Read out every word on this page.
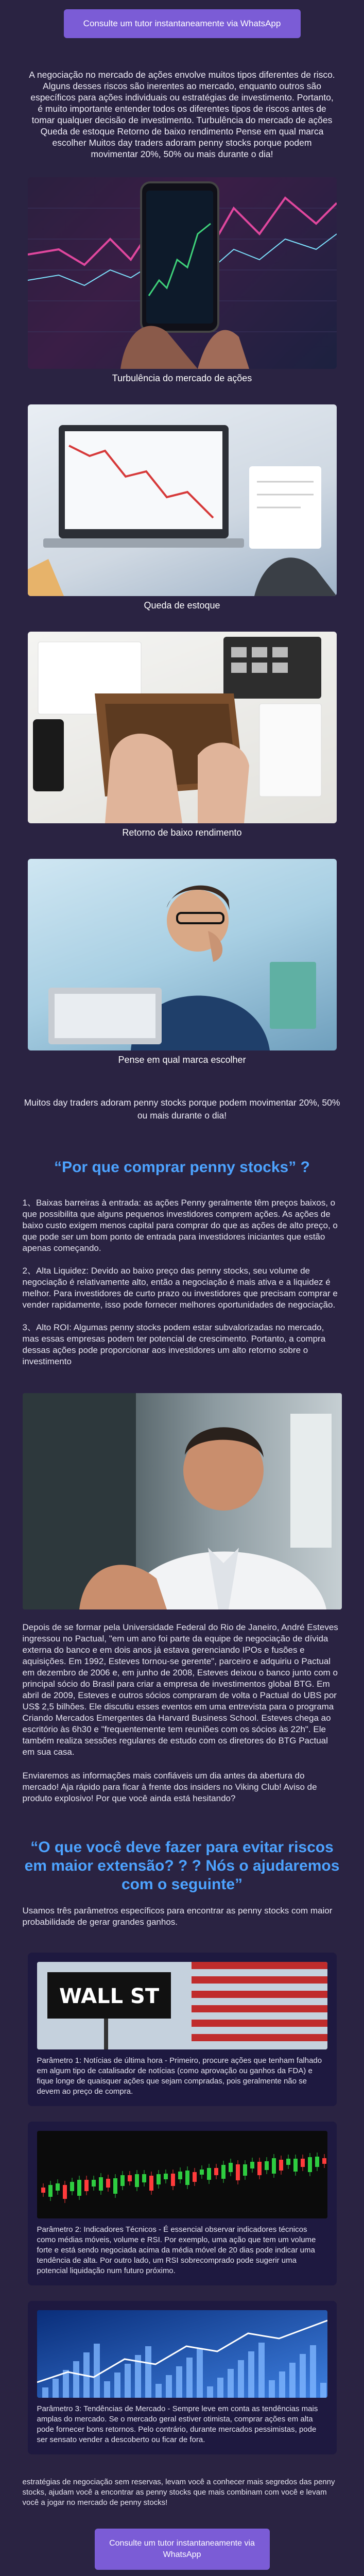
Consulte um tutor instantaneamente via WhatsApp

A negociação no mercado de ações envolve muitos tipos diferentes de risco. Alguns desses riscos são inerentes ao mercado, enquanto outros são específicos para ações individuais ou estratégias de investimento. Portanto, é muito importante entender todos os diferentes tipos de riscos antes de tomar qualquer decisão de investimento. Turbulência do mercado de ações Queda de estoque Retorno de baixo rendimento Pense em qual marca escolher Muitos day traders adoram penny stocks porque podem movimentar 20%, 50% ou mais durante o dia!

Turbulência do mercado de ações
Queda de estoque
Retorno de baixo rendimento
Pense em qual marca escolher

Muitos day traders adoram penny stocks porque podem movimentar 20%, 50% ou mais durante o dia!

“Por que comprar penny stocks” ?

1、Baixas barreiras à entrada: as ações Penny geralmente têm preços baixos, o que possibilita que alguns pequenos investidores comprem ações. As ações de baixo custo exigem menos capital para comprar do que as ações de alto preço, o que pode ser um bom ponto de entrada para investidores iniciantes que estão apenas começando.

2、Alta Liquidez: Devido ao baixo preço das penny stocks, seu volume de negociação é relativamente alto, então a negociação é mais ativa e a liquidez é melhor. Para investidores de curto prazo ou investidores que precisam comprar e vender rapidamente, isso pode fornecer melhores oportunidades de negociação.

3、Alto ROI: Algumas penny stocks podem estar subvalorizadas no mercado, mas essas empresas podem ter potencial de crescimento. Portanto, a compra dessas ações pode proporcionar aos investidores um alto retorno sobre o investimento

Depois de se formar pela Universidade Federal do Rio de Janeiro, André Esteves ingressou no Pactual, "em um ano foi parte da equipe de negociação de dívida externa do banco e em dois anos já estava gerenciando IPOs e fusões e aquisições. Em 1992, Esteves tornou-se gerente", parceiro e adquiriu o Pactual em dezembro de 2006 e, em junho de 2008, Esteves deixou o banco junto com o principal sócio do Brasil para criar a empresa de investimentos global BTG. Em abril de 2009, Esteves e outros sócios compraram de volta o Pactual do UBS por US$ 2,5 bilhões. Ele discutiu esses eventos em uma entrevista para o programa Criando Mercados Emergentes da Harvard Business School. Esteves chega ao escritório às 6h30 e "frequentemente tem reuniões com os sócios às 22h". Ele também realiza sessões regulares de estudo com os diretores do BTG Pactual em sua casa.

Enviaremos as informações mais confiáveis um dia antes da abertura do mercado! Aja rápido para ficar à frente dos insiders no Viking Club! Aviso de produto explosivo! Por que você ainda está hesitando?

“O que você deve fazer para evitar riscos em maior extensão? ? ? Nós o ajudaremos com o seguinte”

Usamos três parâmetros específicos para encontrar as penny stocks com maior probabilidade de gerar grandes ganhos.

WALL ST

Parâmetro 1: Notícias de última hora - Primeiro, procure ações que tenham falhado em algum tipo de catalisador de notícias (como aprovação ou ganhos da FDA) e fique longe de quaisquer ações que sejam compradas, pois geralmente não se devem ao preço de compra.

Parâmetro 2: Indicadores Técnicos - É essencial observar indicadores técnicos como médias móveis, volume e RSI. Por exemplo, uma ação que tem um volume forte e está sendo negociada acima da média móvel de 20 dias pode indicar uma tendência de alta. Por outro lado, um RSI sobrecomprado pode sugerir uma potencial liquidação num futuro próximo.

Parâmetro 3: Tendências de Mercado - Sempre leve em conta as tendências mais amplas do mercado. Se o mercado geral estiver otimista, comprar ações em alta pode fornecer bons retornos. Pelo contrário, durante mercados pessimistas, pode ser sensato vender a descoberto ou ficar de fora.

estratégias de negociação sem reservas, levam você a conhecer mais segredos das penny stocks, ajudam você a encontrar as penny stocks que mais combinam com você e levam você a jogar no mercado de penny stocks!

Consulte um tutor instantaneamente via WhatsApp
